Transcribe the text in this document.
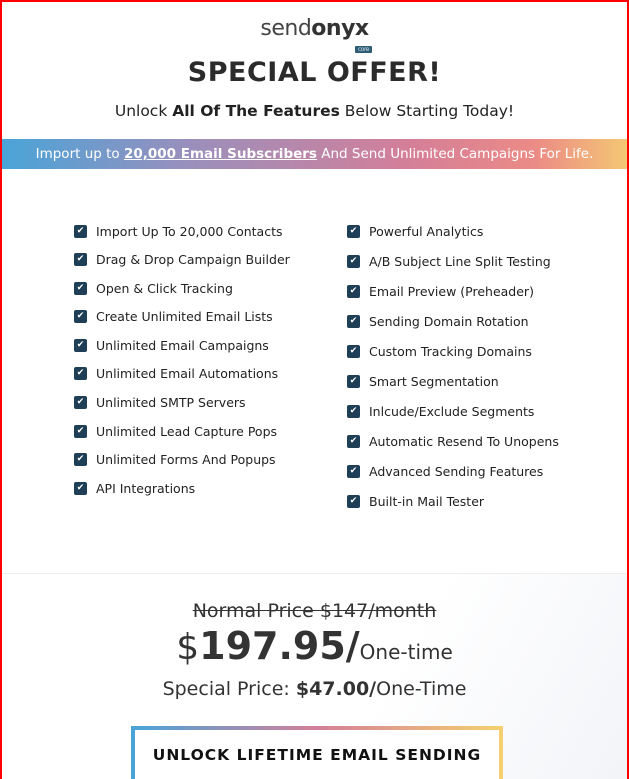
sendonyx
core
SPECIAL OFFER!
Unlock All Of The Features Below Starting Today!
Import up to 20,000 Email Subscribers And Send Unlimited Campaigns For Life.
✔ Import Up To 20,000 Contacts
✔ Drag & Drop Campaign Builder
✔ Open & Click Tracking
✔ Create Unlimited Email Lists
✔ Unlimited Email Campaigns
✔ Unlimited Email Automations
✔ Unlimited SMTP Servers
✔ Unlimited Lead Capture Pops
✔ Unlimited Forms And Popups
✔ API Integrations
✔ Powerful Analytics
✔ A/B Subject Line Split Testing
✔ Email Preview (Preheader)
✔ Sending Domain Rotation
✔ Custom Tracking Domains
✔ Smart Segmentation
✔ Inlcude/Exclude Segments
✔ Automatic Resend To Unopens
✔ Advanced Sending Features
✔ Built-in Mail Tester
Normal Price $147/month
$197.95/One-time
Special Price: $47.00/One-Time
UNLOCK LIFETIME EMAIL SENDING
